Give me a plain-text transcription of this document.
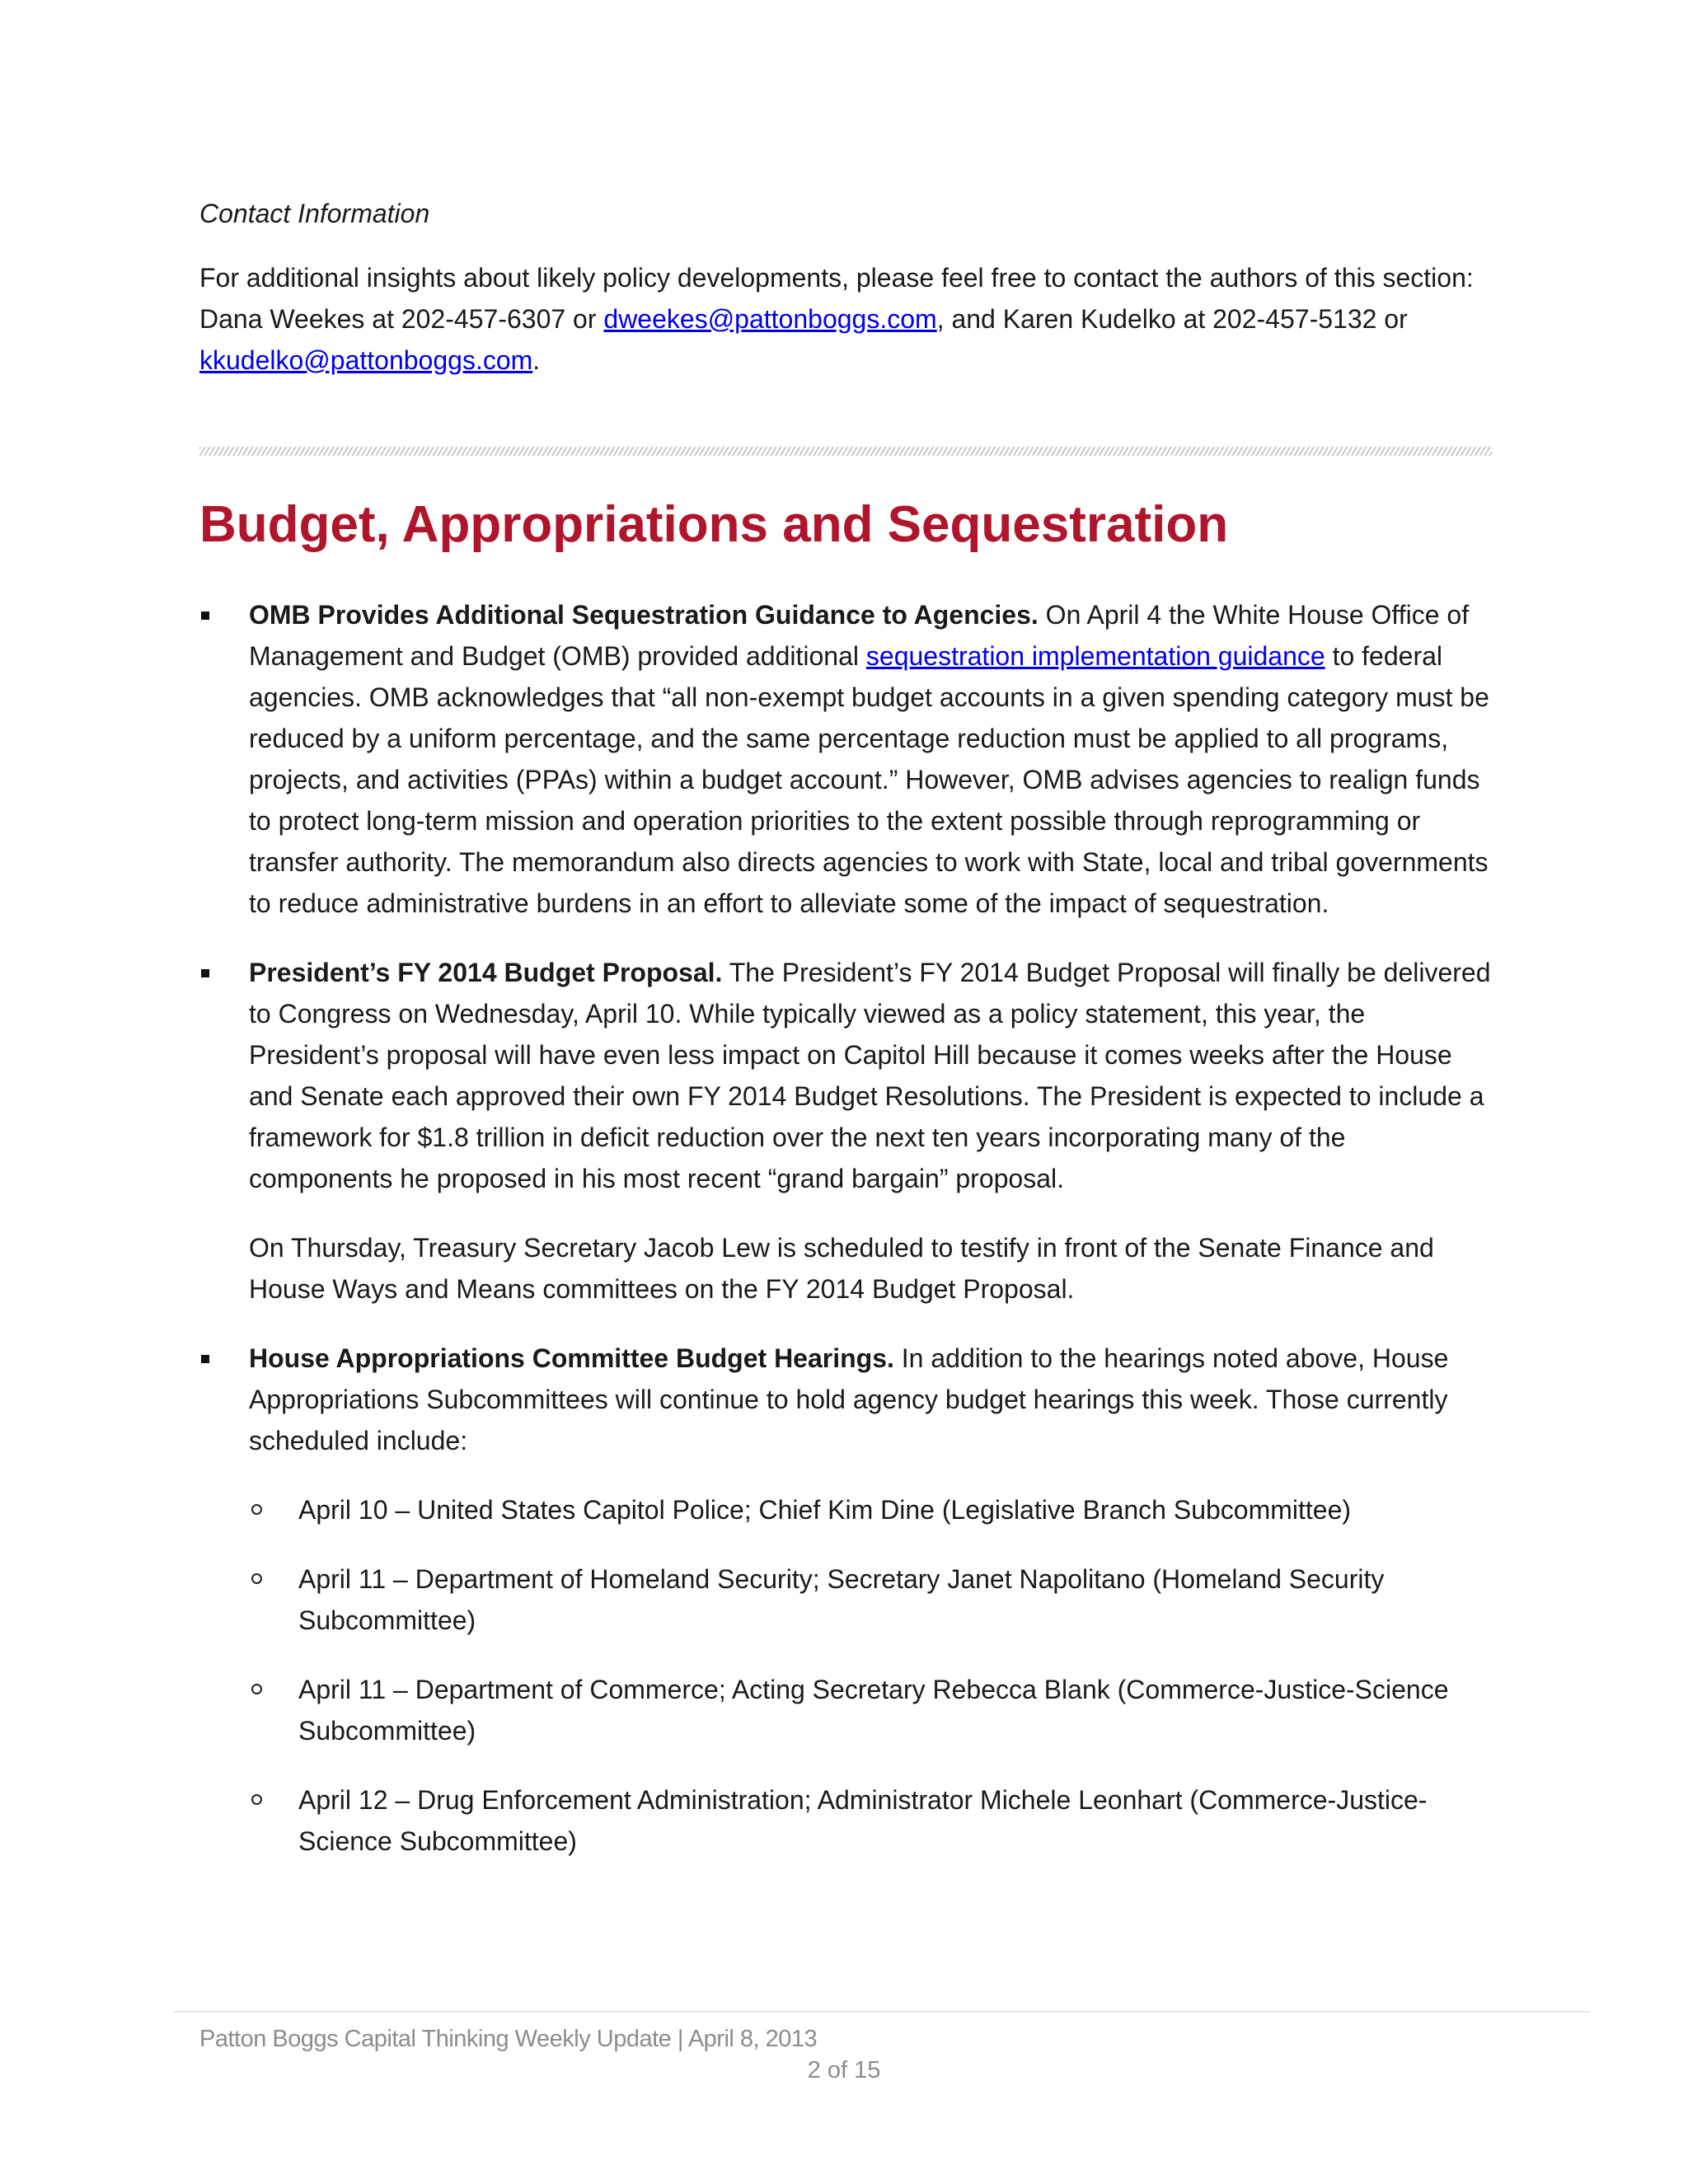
Contact Information

For additional insights about likely policy developments, please feel free to contact the authors of this section: Dana Weekes at 202-457-6307 or dweekes@pattonboggs.com, and Karen Kudelko at 202-457-5132 or kkudelko@pattonboggs.com.

Budget, Appropriations and Sequestration
OMB Provides Additional Sequestration Guidance to Agencies. On April 4 the White House Office of Management and Budget (OMB) provided additional sequestration implementation guidance to federal agencies. OMB acknowledges that “all non-exempt budget accounts in a given spending category must be reduced by a uniform percentage, and the same percentage reduction must be applied to all programs, projects, and activities (PPAs) within a budget account.” However, OMB advises agencies to realign funds to protect long-term mission and operation priorities to the extent possible through reprogramming or transfer authority. The memorandum also directs agencies to work with State, local and tribal governments to reduce administrative burdens in an effort to alleviate some of the impact of sequestration.
President’s FY 2014 Budget Proposal. The President’s FY 2014 Budget Proposal will finally be delivered to Congress on Wednesday, April 10. While typically viewed as a policy statement, this year, the President’s proposal will have even less impact on Capitol Hill because it comes weeks after the House and Senate each approved their own FY 2014 Budget Resolutions. The President is expected to include a framework for $1.8 trillion in deficit reduction over the next ten years incorporating many of the components he proposed in his most recent “grand bargain” proposal.

On Thursday, Treasury Secretary Jacob Lew is scheduled to testify in front of the Senate Finance and House Ways and Means committees on the FY 2014 Budget Proposal.

House Appropriations Committee Budget Hearings. In addition to the hearings noted above, House Appropriations Subcommittees will continue to hold agency budget hearings this week. Those currently scheduled include:
April 10 – United States Capitol Police; Chief Kim Dine (Legislative Branch Subcommittee)
April 11 – Department of Homeland Security; Secretary Janet Napolitano (Homeland Security Subcommittee)
April 11 – Department of Commerce; Acting Secretary Rebecca Blank (Commerce-Justice-Science Subcommittee)
April 12 – Drug Enforcement Administration; Administrator Michele Leonhart (Commerce-Justice-Science Subcommittee)
Patton Boggs Capital Thinking Weekly Update | April 8, 2013
2 of 15
